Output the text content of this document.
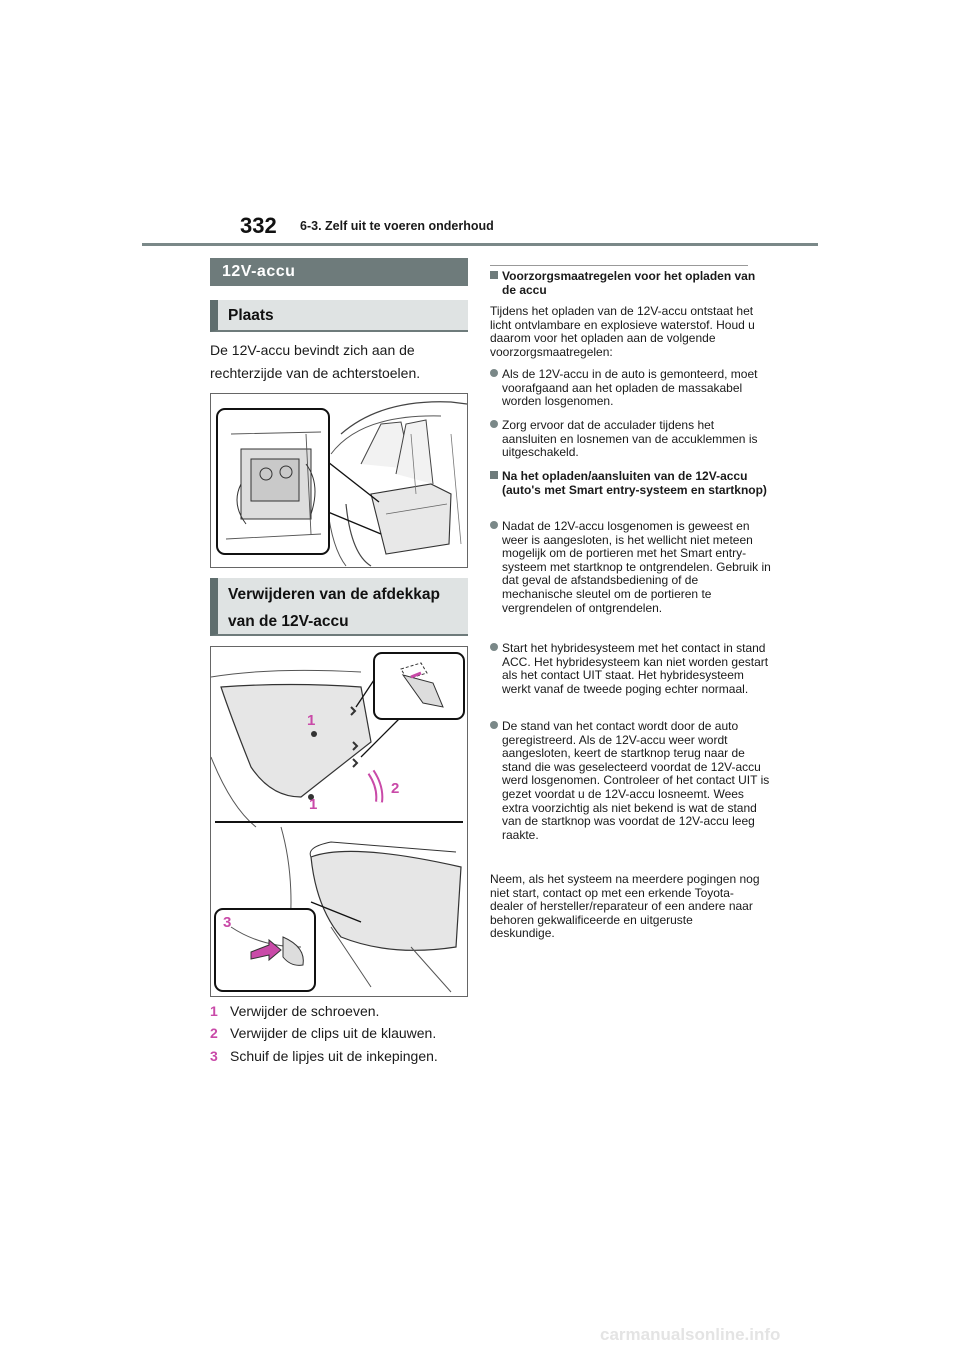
332 6-3. Zelf uit te voeren onderhoud
12V-accu
Plaats
De 12V-accu bevindt zich aan de rechterzijde van de achterstoelen.
Verwijderen van de afdekkap van de 12V-accu
1
1
2
3
1 Verwijder de schroeven.
2 Verwijder de clips uit de klauwen.
3 Schuif de lipjes uit de inkepingen.
Voorzorgsmaatregelen voor het opladen van de accu
Tijdens het opladen van de 12V-accu ontstaat het licht ontvlambare en explosieve waterstof. Houd u daarom voor het opladen aan de volgende voorzorgsmaatregelen:
Als de 12V-accu in de auto is gemonteerd, moet voorafgaand aan het opladen de massakabel worden losgenomen.
Zorg ervoor dat de acculader tijdens het aansluiten en losnemen van de accuklemmen is uitgeschakeld.
Na het opladen/aansluiten van de 12V-accu (auto's met Smart entry-systeem en startknop)
Nadat de 12V-accu losgenomen is geweest en weer is aangesloten, is het wellicht niet meteen mogelijk om de portieren met het Smart entry-systeem met startknop te ontgrendelen. Gebruik in dat geval de afstandsbediening of de mechanische sleutel om de portieren te vergrendelen of ontgrendelen.
Start het hybridesysteem met het contact in stand ACC. Het hybridesysteem kan niet worden gestart als het contact UIT staat. Het hybridesysteem werkt vanaf de tweede poging echter normaal.
De stand van het contact wordt door de auto geregistreerd. Als de 12V-accu weer wordt aangesloten, keert de startknop terug naar de stand die was geselecteerd voordat de 12V-accu werd losgenomen. Controleer of het contact UIT is gezet voordat u de 12V-accu losneemt. Wees extra voorzichtig als niet bekend is wat de stand van de startknop was voordat de 12V-accu leeg raakte.
Neem, als het systeem na meerdere pogingen nog niet start, contact op met een erkende Toyota-dealer of hersteller/reparateur of een andere naar behoren gekwalificeerde en uitgeruste deskundige.
carmanualsonline.info
